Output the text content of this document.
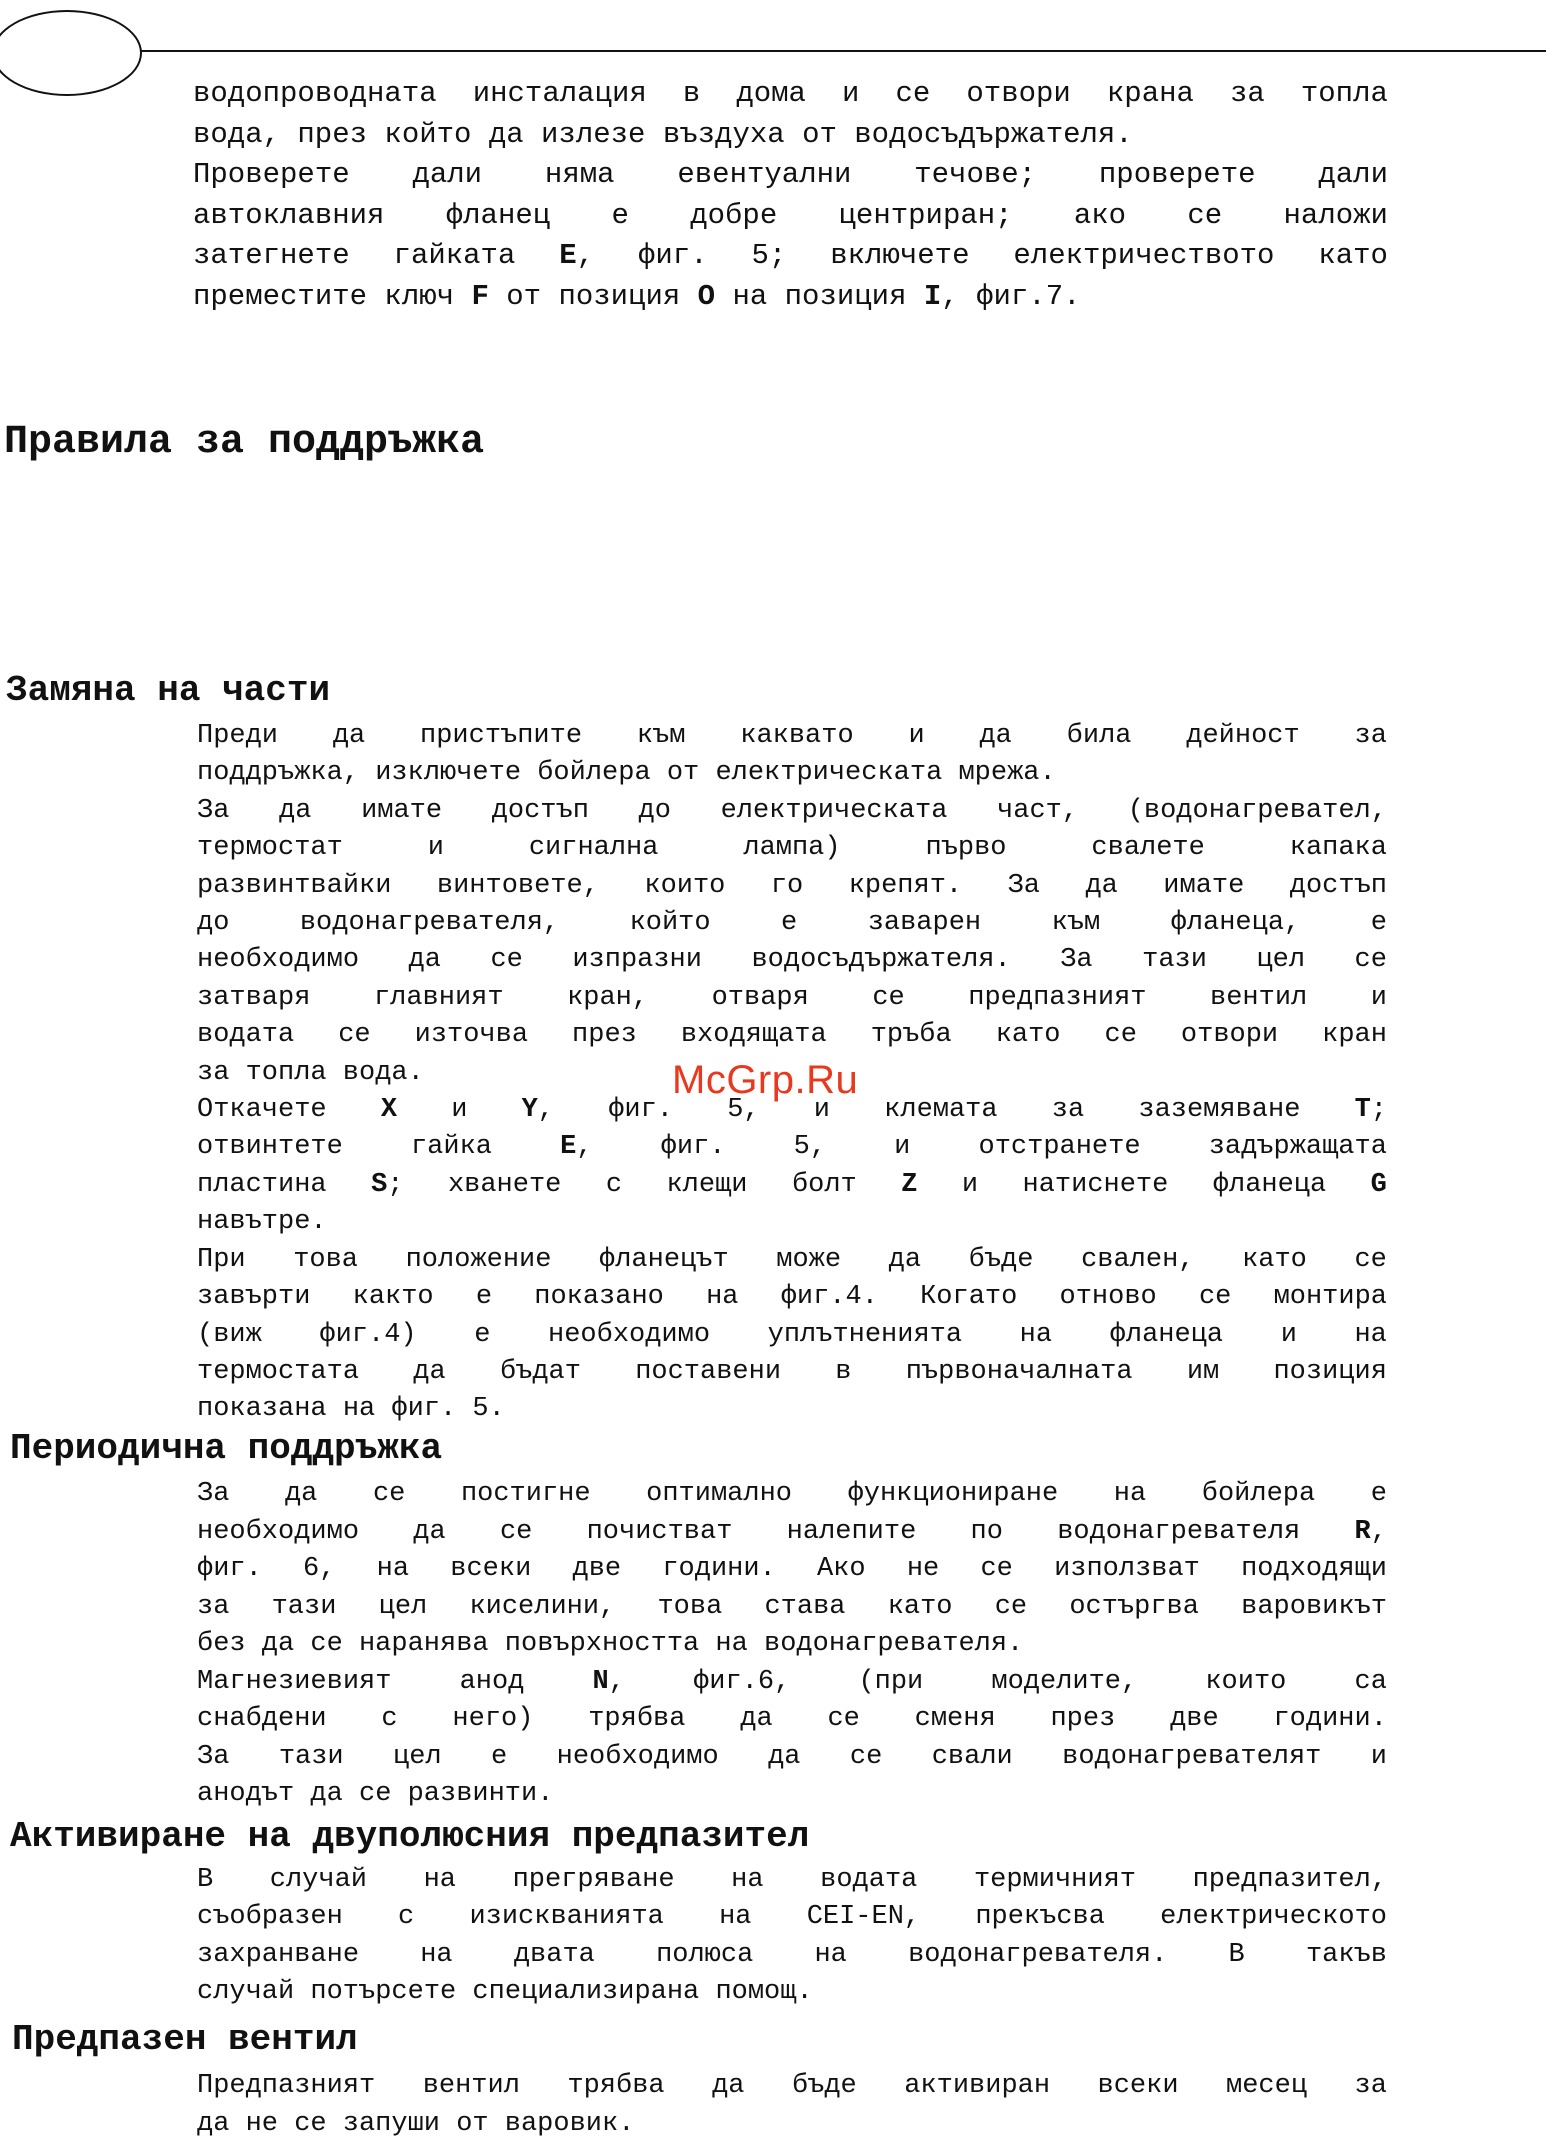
водопроводната инсталация в дома и се отвори крана за топла
вода, през който да излезе въздуха от водосъдържателя.
Проверете дали няма евентуални течове; проверете дали
автоклавния фланец е добре центриран; ако се наложи
затегнете гайката E, фиг. 5; включете електричеството като
преместите ключ F от позиция O на позиция I, фиг.7.
Правила за поддръжка
Замяна на части
Преди да пристъпите към каквато и да била дейност за
поддръжка, изключете бойлера от електрическата мрежа.
За да имате достъп до електрическата част, (водонагревател,
термостат	и	сигнална	лампа)	първо	свалете	капака
развинтвайки винтовете, които го крепят. За да имате достъп
до	водонагревателя,	който	е	заварен	към	фланеца,	е
необходимо да се изпразни водосъдържателя. За тази цел се
затваря главният кран, отваря се предпазният вентил и
водата се източва през входящата тръба като се отвори кран
за топла вода.
Откачете X и Y, фиг. 5, и клемата за заземяване T;
отвинтете	гайка	E,	фиг.	5,	и	отстранете	задържащата
пластина S; хванете с клещи болт Z и натиснете фланеца G
навътре.
При това положение фланецът може да бъде свален, като се
завърти както е показано на фиг.4. Когато отново се монтира
(виж фиг.4) е необходимо уплътненията на фланеца и на
термостата да бъдат поставени в първоначалната им позиция
показана на фиг. 5.
Периодична поддръжка
За да се постигне оптимално функциониране на бойлера е
необходимо да се почистват налепите по водонагревателя R,
фиг. 6, на всеки две години. Ако не се използват подходящи
за тази цел киселини, това става като се остъргва варовикът
без да се наранява повърхността на водонагревателя.
Магнезиевият	анод	N,	фиг.6,	(при	моделите,	които	са
снабдени с него) трябва да се сменя през две години.
За тази цел е необходимо да се свали водонагревателят и
анодът да се развинти.
Активиране на двуполюсния предпазител
В случай на прегряване на водата термичният предпазител,
съобразен с изискванията на CEI-EN, прекъсва електрическото
захранване на двата полюса на водонагревателя. В такъв
случай потърсете специализирана помощ.
Предпазен вентил
Предпазният вентил трябва да бъде активиран всеки месец за
да не се запуши от варовик.
McGrp.Ru
